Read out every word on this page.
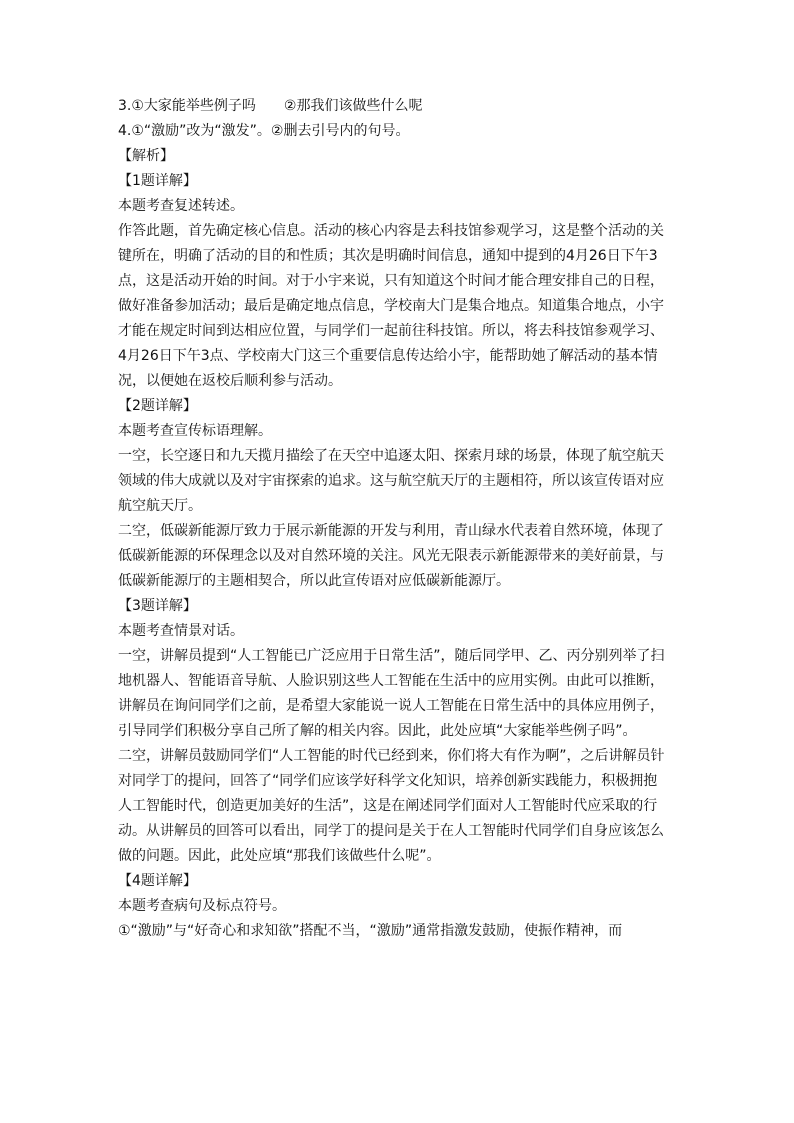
3.①大家能举些例子吗　　②那我们该做些什么呢
4.①“激励”改为“激发”。②删去引号内的句号。
【解析】
【1题详解】
本题考查复述转述。
作答此题，首先确定核心信息。活动的核心内容是去科技馆参观学习，这是整个活动的关
键所在，明确了活动的目的和性质；其次是明确时间信息，通知中提到的4月26日下午3
点，这是活动开始的时间。对于小宇来说，只有知道这个时间才能合理安排自己的日程，
做好准备参加活动；最后是确定地点信息，学校南大门是集合地点。知道集合地点，小宇
才能在规定时间到达相应位置，与同学们一起前往科技馆。所以，将去科技馆参观学习、
4月26日下午3点、学校南大门这三个重要信息传达给小宇，能帮助她了解活动的基本情
况，以便她在返校后顺利参与活动。
【2题详解】
本题考查宣传标语理解。
一空，长空逐日和九天揽月描绘了在天空中追逐太阳、探索月球的场景，体现了航空航天
领域的伟大成就以及对宇宙探索的追求。这与航空航天厅的主题相符，所以该宣传语对应
航空航天厅。
二空，低碳新能源厅致力于展示新能源的开发与利用，青山绿水代表着自然环境，体现了
低碳新能源的环保理念以及对自然环境的关注。风光无限表示新能源带来的美好前景，与
低碳新能源厅的主题相契合，所以此宣传语对应低碳新能源厅。
【3题详解】
本题考查情景对话。
一空，讲解员提到“人工智能已广泛应用于日常生活”，随后同学甲、乙、丙分别列举了扫
地机器人、智能语音导航、人脸识别这些人工智能在生活中的应用实例。由此可以推断，
讲解员在询问同学们之前，是希望大家能说一说人工智能在日常生活中的具体应用例子，
引导同学们积极分享自己所了解的相关内容。因此，此处应填“大家能举些例子吗”。
二空，讲解员鼓励同学们“人工智能的时代已经到来，你们将大有作为啊”，之后讲解员针
对同学丁的提问，回答了“同学们应该学好科学文化知识，培养创新实践能力，积极拥抱
人工智能时代，创造更加美好的生活”，这是在阐述同学们面对人工智能时代应采取的行
动。从讲解员的回答可以看出，同学丁的提问是关于在人工智能时代同学们自身应该怎么
做的问题。因此，此处应填“那我们该做些什么呢”。
【4题详解】
本题考查病句及标点符号。
①“激励”与“好奇心和求知欲”搭配不当，“激励”通常指激发鼓励，使振作精神，而
